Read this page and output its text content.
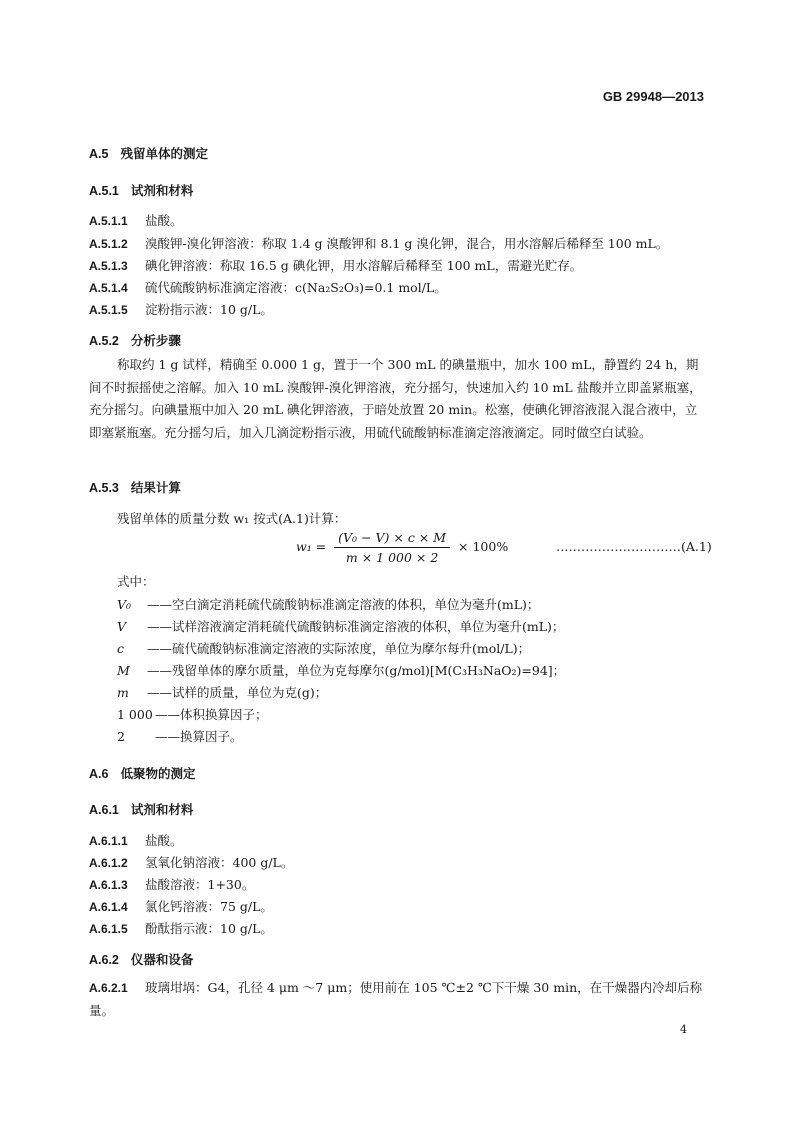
GB 29948—2013
A.5 残留单体的测定
A.5.1 试剂和材料
A.5.1.1 盐酸。
A.5.1.2 溴酸钾-溴化钾溶液：称取 1.4 g 溴酸钾和 8.1 g 溴化钾，混合，用水溶解后稀释至 100 mL。
A.5.1.3 碘化钾溶液：称取 16.5 g 碘化钾，用水溶解后稀释至 100 mL，需避光贮存。
A.5.1.4 硫代硫酸钠标准滴定溶液：c(Na₂S₂O₃)=0.1 mol/L。
A.5.1.5 淀粉指示液：10 g/L。
A.5.2 分析步骤
称取约 1 g 试样，精确至 0.000 1 g，置于一个 300 mL 的碘量瓶中，加水 100 mL，静置约 24 h，期间不时振摇使之溶解。加入 10 mL 溴酸钾-溴化钾溶液，充分摇匀，快速加入约 10 mL 盐酸并立即盖紧瓶塞，充分摇匀。向碘量瓶中加入 20 mL 碘化钾溶液，于暗处放置 20 min。松塞，使碘化钾溶液混入混合液中，立即塞紧瓶塞。充分摇匀后，加入几滴淀粉指示液，用硫代硫酸钠标准滴定溶液滴定。同时做空白试验。
A.5.3 结果计算
残留单体的质量分数 w₁ 按式(A.1)计算：
$w_1 = \frac{\text{(V₀ − V) × c × M}}{m \times 1 000 \times 2} \times 100\%$	…………………………(A.1)
式中：
V₀ ——空白滴定消耗硫代硫酸钠标准滴定溶液的体积，单位为毫升(mL)；
V ——试样溶液滴定消耗硫代硫酸钠标准滴定溶液的体积，单位为毫升(mL)；
c ——硫代硫酸钠标准滴定溶液的实际浓度，单位为摩尔每升(mol/L)；
M ——残留单体的摩尔质量，单位为克每摩尔(g/mol)[M(C₃H₃NaO₂)=94]；
m ——试样的质量，单位为克(g)；
1 000 ——体积换算因子；
2 ——换算因子。
A.6 低聚物的测定
A.6.1 试剂和材料
A.6.1.1 盐酸。
A.6.1.2 氢氧化钠溶液：400 g/L。
A.6.1.3 盐酸溶液：1+30。
A.6.1.4 氯化钙溶液：75 g/L。
A.6.1.5 酚酞指示液：10 g/L。
A.6.2 仪器和设备
A.6.2.1 玻璃坩埚：G4，孔径 4 μm ～7 μm；使用前在 105 ℃±2 ℃下干燥 30 min，在干燥器内冷却后称量。
4
